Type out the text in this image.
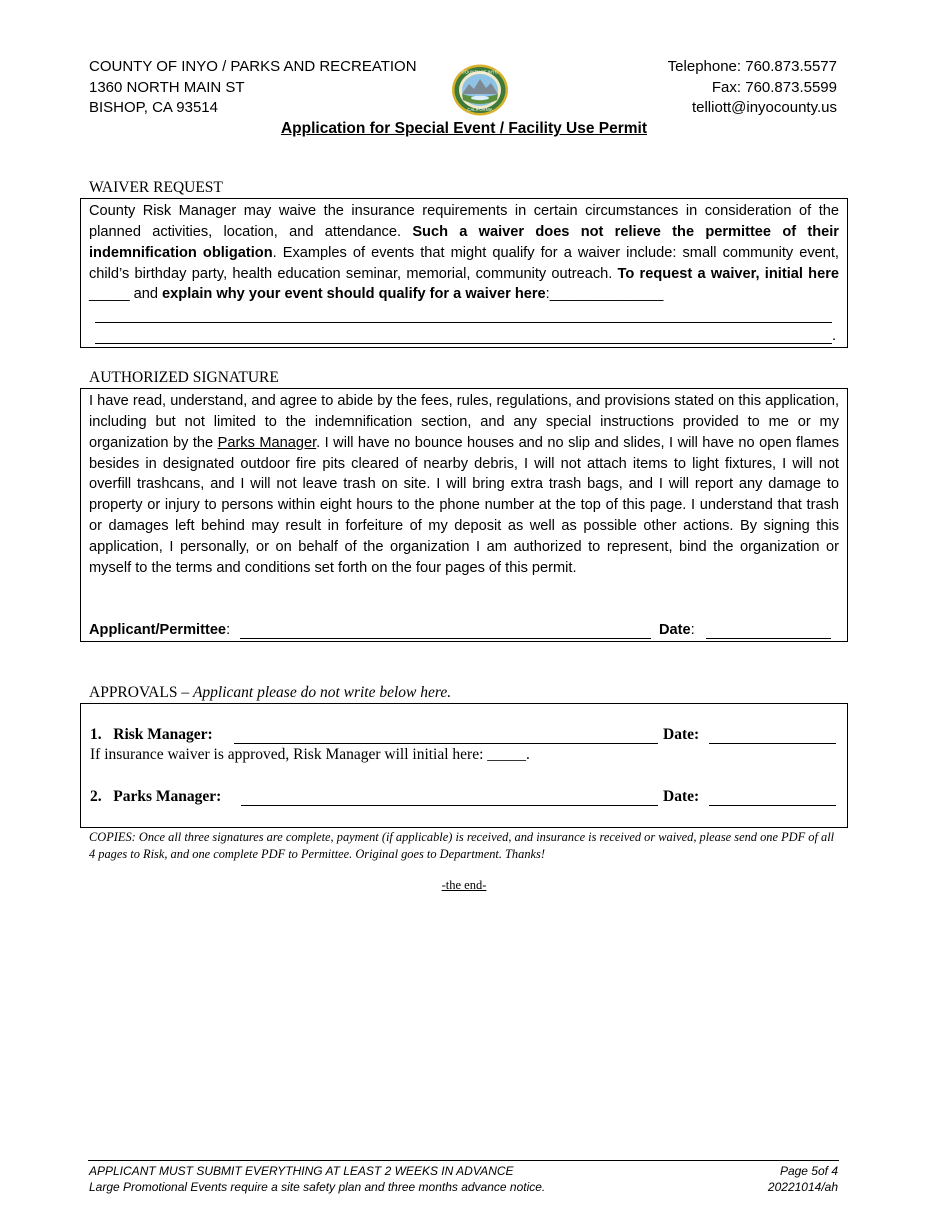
COUNTY OF INYO / PARKS AND RECREATION
1360 NORTH MAIN ST
BISHOP, CA 93514
COUNTY OF INYO
CALIFORNIA
Telephone: 760.873.5577
Fax: 760.873.5599
telliott@inyocounty.us
Application for Special Event / Facility Use Permit
WAIVER REQUEST
County Risk Manager may waive the insurance requirements in certain circumstances in consideration of the planned activities, location, and attendance. Such a waiver does not relieve the permittee of their indemnification obligation. Examples of events that might qualify for a waiver include: small community event, child’s birthday party, health education seminar, memorial, community outreach. To request a waiver, initial here _____ and explain why your event should qualify for a waiver here:______________
.
AUTHORIZED SIGNATURE
I have read, understand, and agree to abide by the fees, rules, regulations, and provisions stated on this application, including but not limited to the indemnification section, and any special instructions provided to me or my organization by the Parks Manager. I will have no bounce houses and no slip and slides, I will have no open flames besides in designated outdoor fire pits cleared of nearby debris, I will not attach items to light fixtures, I will not overfill trashcans, and I will not leave trash on site. I will bring extra trash bags, and I will report any damage to property or injury to persons within eight hours to the phone number at the top of this page. I understand that trash or damages left behind may result in forfeiture of my deposit as well as possible other actions. By signing this application, I personally, or on behalf of the organization I am authorized to represent, bind the organization or myself to the terms and conditions set forth on the four pages of this permit.
Applicant/Permittee:	Date:
APPROVALS – Applicant please do not write below here.
1.   Risk Manager:	Date:
If insurance waiver is approved, Risk Manager will initial here: _____.
2.   Parks Manager:	Date:
COPIES: Once all three signatures are complete, payment (if applicable) is received, and insurance is received or waived, please send one PDF of all 4 pages to Risk, and one complete PDF to Permittee. Original goes to Department. Thanks!
-the end-
APPLICANT MUST SUBMIT EVERYTHING AT LEAST 2 WEEKS IN ADVANCE
Large Promotional Events require a site safety plan and three months advance notice.
Page 5of 4
20221014/ah
